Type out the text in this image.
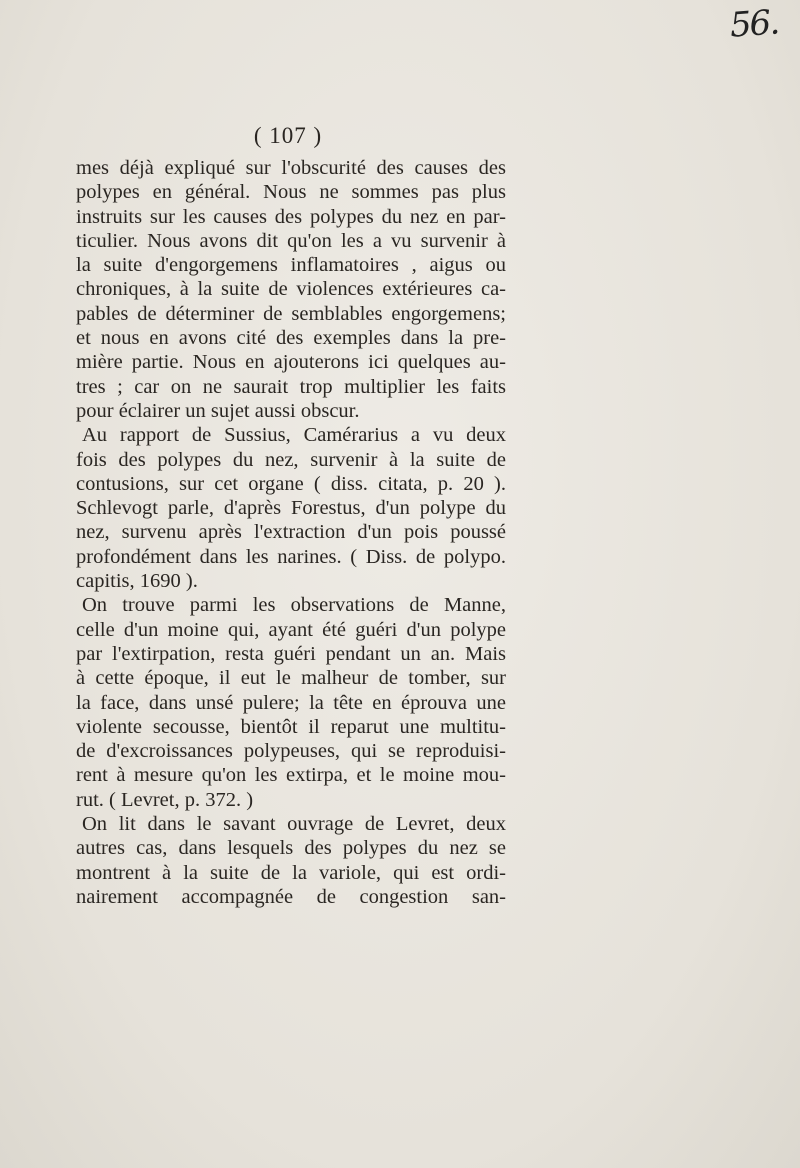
56.
( 107 )
mes déjà expliqué sur l'obscurité des causes des
polypes en général. Nous ne sommes pas plus
instruits sur les causes des polypes du nez en par-
ticulier. Nous avons dit qu'on les a vu survenir à
la suite d'engorgemens inflamatoires , aigus ou
chroniques, à la suite de violences extérieures ca-
pables de déterminer de semblables engorgemens;
et nous en avons cité des exemples dans la pre-
mière partie. Nous en ajouterons ici quelques au-
tres ; car on ne saurait trop multiplier les faits
pour éclairer un sujet aussi obscur.
Au rapport de Sussius, Camérarius a vu deux
fois des polypes du nez, survenir à la suite de
contusions, sur cet organe ( diss. citata, p. 20 ).
Schlevogt parle, d'après Forestus, d'un polype du
nez, survenu après l'extraction d'un pois poussé
profondément dans les narines. ( Diss. de polypo.
capitis, 1690 ).
On trouve parmi les observations de Manne,
celle d'un moine qui, ayant été guéri d'un polype
par l'extirpation, resta guéri pendant un an. Mais
à cette époque, il eut le malheur de tomber, sur
la face, dans unsé pulere; la tête en éprouva une
violente secousse, bientôt il reparut une multitu-
de d'excroissances polypeuses, qui se reproduisi-
rent à mesure qu'on les extirpa, et le moine mou-
rut. ( Levret, p. 372. )
On lit dans le savant ouvrage de Levret, deux
autres cas, dans lesquels des polypes du nez se
montrent à la suite de la variole, qui est ordi-
nairement accompagnée de congestion san-
